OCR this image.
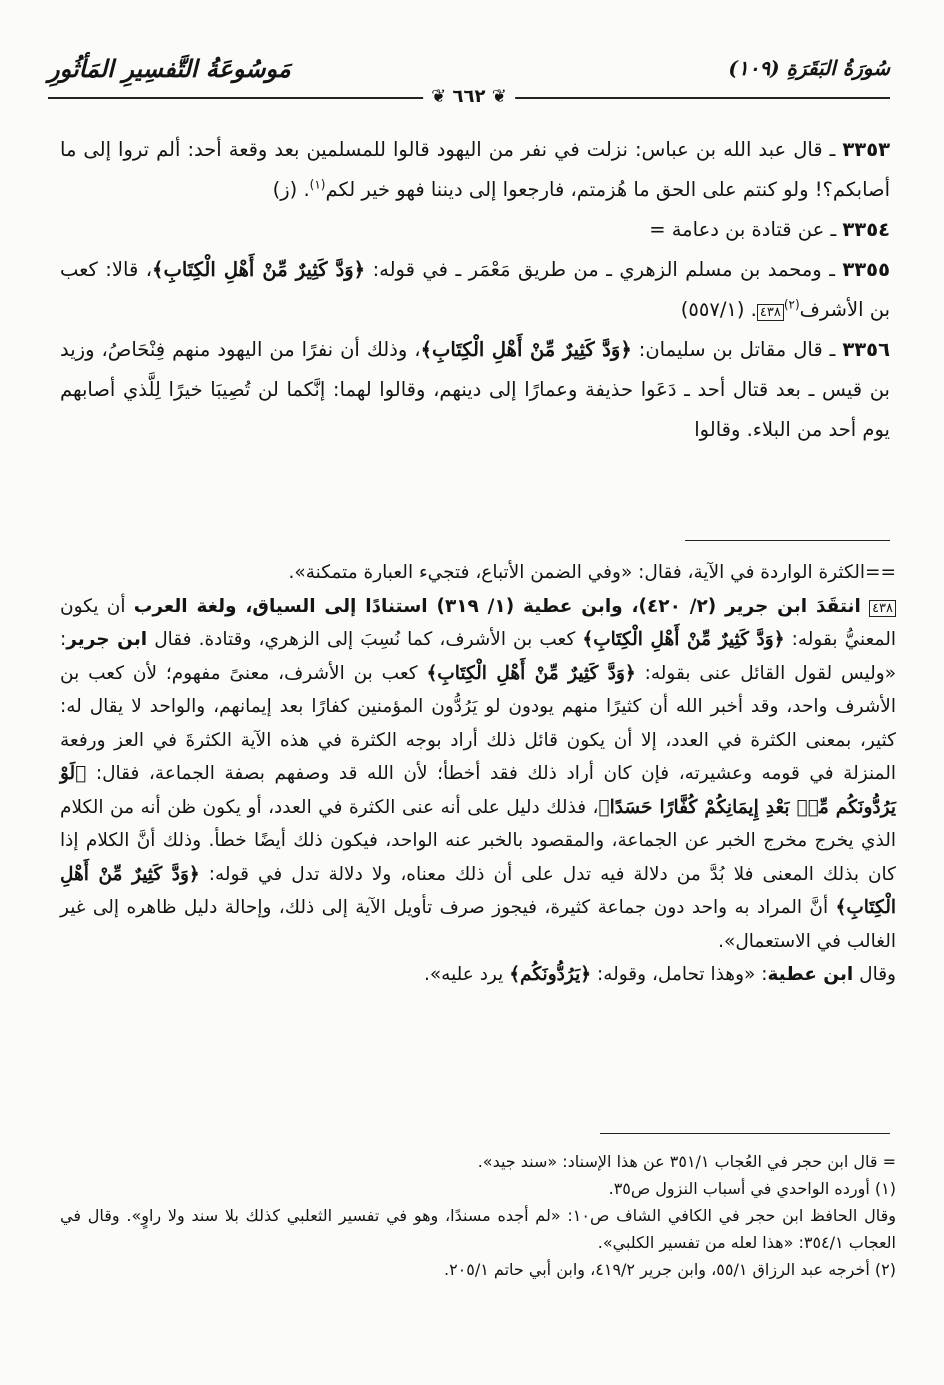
مَوسُوعَةُ التَّفسِيرِ المَأثُورِ	سُورَةُ البَقَرَةِ (١٠٩)
❦ ٦٦٢ ❦

٣٣٥٣ ـ قال عبد الله بن عباس: نزلت في نفر من اليهود قالوا للمسلمين بعد وقعة أحد: ألم تروا إلى ما أصابكم؟! ولو كنتم على الحق ما هُزمتم، فارجعوا إلى ديننا فهو خير لكم$^{(١)}$. (ز)

٣٣٥٤ ـ عن قتادة بن دعامة =

٣٣٥٥ ـ ومحمد بن مسلم الزهري ـ من طريق مَعْمَر ـ في قوله: ﴿وَدَّ كَثِيرٌ مِّنْ أَهْلِ الْكِتَابِ﴾، قالا: كعب بن الأشرف$^{(٢)}$٤٣٨. (٥٥٧/١)

٣٣٥٦ ـ قال مقاتل بن سليمان: ﴿وَدَّ كَثِيرٌ مِّنْ أَهْلِ الْكِتَابِ﴾، وذلك أن نفرًا من اليهود منهم فِنْحَاصُ، وزيد بن قيس ـ بعد قتال أحد ـ دَعَوا حذيفة وعمارًا إلى دينهم، وقالوا لهما: إنَّكما لن تُصِيبَا خيرًا لِلَّذي أصابهم يوم أحد من البلاء. وقالوا

==الكثرة الواردة في الآية، فقال: «وفي الضمن الأتباع، فتجيء العبارة متمكنة».

٤٣٨ انتقَدَ ابن جرير (٢/ ٤٢٠)، وابن عطية (١/ ٣١٩) استنادًا إلى السياق، ولغة العرب أن يكون المعنيُّ بقوله: ﴿وَدَّ كَثِيرٌ مِّنْ أَهْلِ الْكِتَابِ﴾ كعب بن الأشرف، كما نُسِبَ إلى الزهري، وقتادة. فقال ابن جرير: «وليس لقول القائل عنى بقوله: ﴿وَدَّ كَثِيرٌ مِّنْ أَهْلِ الْكِتَابِ﴾ كعب بن الأشرف، معنىً مفهوم؛ لأن كعب بن الأشرف واحد، وقد أخبر الله أن كثيرًا منهم يودون لو يَرُدُّون المؤمنين كفارًا بعد إيمانهم، والواحد لا يقال له: كثير، بمعنى الكثرة في العدد، إلا أن يكون قائل ذلك أراد بوجه الكثرة في هذه الآية الكثرةَ في العز ورفعة المنزلة في قومه وعشيرته، فإن كان أراد ذلك فقد أخطأ؛ لأن الله قد وصفهم بصفة الجماعة، فقال: ﴿لَوْ يَرُدُّونَكُم مِّنۢ بَعْدِ إِيمَانِكُمْ كُفَّارًا حَسَدًا﴾، فذلك دليل على أنه عنى الكثرة في العدد، أو يكون ظن أنه من الكلام الذي يخرج مخرج الخبر عن الجماعة، والمقصود بالخبر عنه الواحد، فيكون ذلك أيضًا خطأ. وذلك أنَّ الكلام إذا كان بذلك المعنى فلا بُدَّ من دلالة فيه تدل على أن ذلك معناه، ولا دلالة تدل في قوله: ﴿وَدَّ كَثِيرٌ مِّنْ أَهْلِ الْكِتَابِ﴾ أنَّ المراد به واحد دون جماعة كثيرة، فيجوز صرف تأويل الآية إلى ذلك، وإحالة دليل ظاهره إلى غير الغالب في الاستعمال».

وقال ابن عطية: «وهذا تحامل، وقوله: ﴿يَرُدُّونَكُم﴾ يرد عليه».

= قال ابن حجر في العُجاب ٣٥١/١ عن هذا الإسناد: «سند جيد».

(١) أورده الواحدي في أسباب النزول ص٣٥.

وقال الحافظ ابن حجر في الكافي الشاف ص١٠: «لم أجده مسندًا، وهو في تفسير الثعلبي كذلك بلا سند ولا راوٍ». وقال في العجاب ٣٥٤/١: «هذا لعله من تفسير الكلبي».

(٢) أخرجه عبد الرزاق ٥٥/١، وابن جرير ٤١٩/٢، وابن أبي حاتم ٢٠٥/١.
